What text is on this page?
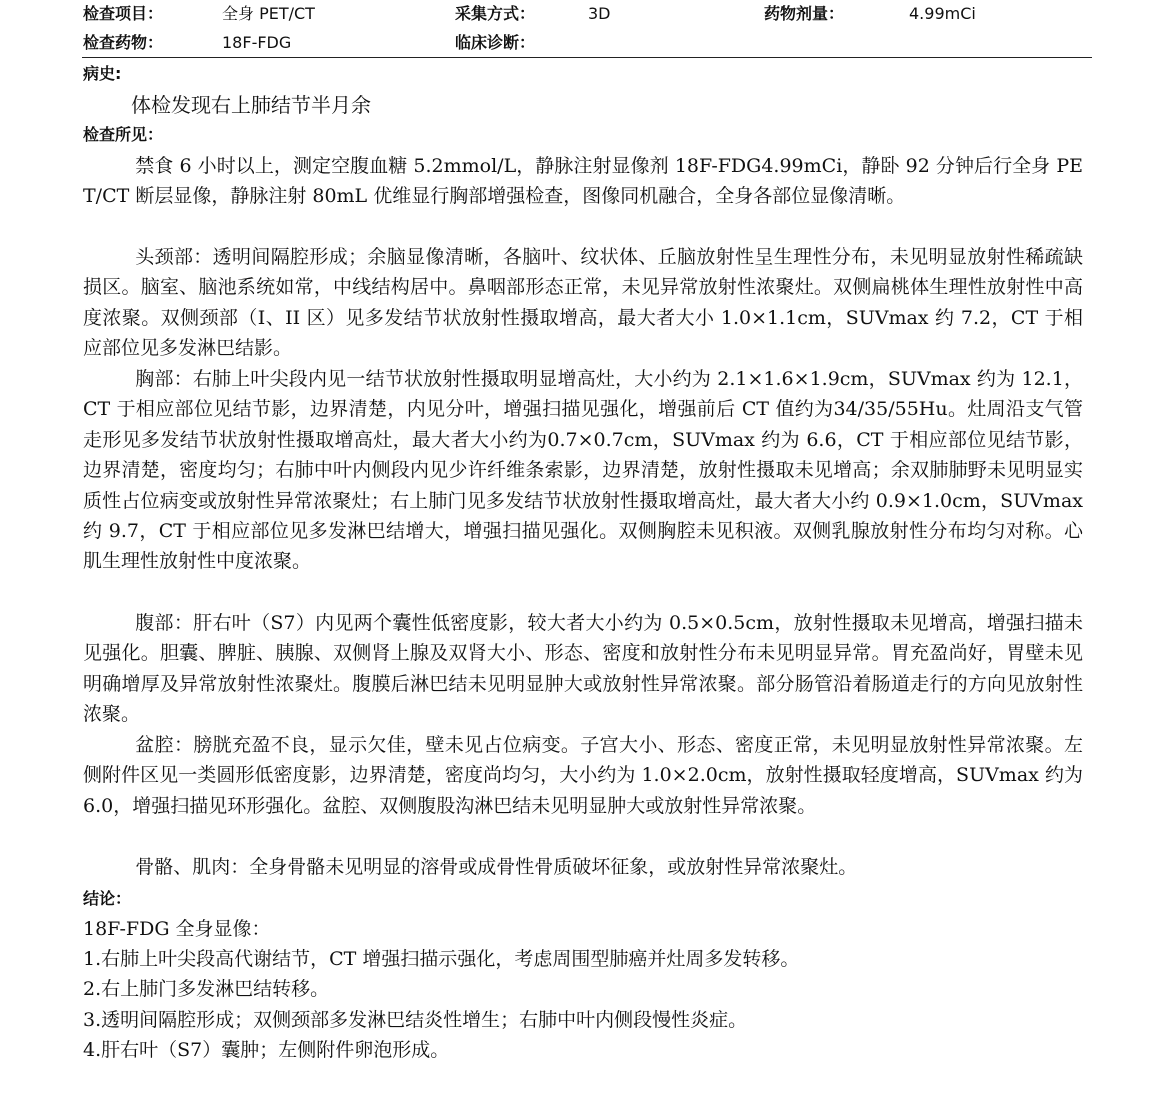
检查项目：	全身 PET/CT	采集方式：	3D	药物剂量：	4.99mCi
检查药物：	18F-FDG	临床诊断：
病史:
体检发现右上肺结节半月余
检查所见：

禁食 6 小时以上，测定空腹血糖 5.2mmol/L，静脉注射显像剂 18F-FDG4.99mCi，静卧 92 分钟后行全身 PET/CT 断层显像，静脉注射 80mL 优维显行胸部增强检查，图像同机融合，全身各部位显像清晰。

头颈部：透明间隔腔形成；余脑显像清晰，各脑叶、纹状体、丘脑放射性呈生理性分布，未见明显放射性稀疏缺损区。脑室、脑池系统如常，中线结构居中。鼻咽部形态正常，未见异常放射性浓聚灶。双侧扁桃体生理性放射性中高度浓聚。双侧颈部（I、II 区）见多发结节状放射性摄取增高，最大者大小 1.0×1.1cm，SUVmax 约 7.2，CT 于相应部位见多发淋巴结影。

胸部：右肺上叶尖段内见一结节状放射性摄取明显增高灶，大小约为 2.1×1.6×1.9cm，SUVmax 约为 12.1，CT 于相应部位见结节影，边界清楚，内见分叶，增强扫描见强化，增强前后 CT 值约为34/35/55Hu。灶周沿支气管走形见多发结节状放射性摄取增高灶，最大者大小约为0.7×0.7cm，SUVmax 约为 6.6，CT 于相应部位见结节影，边界清楚，密度均匀；右肺中叶内侧段内见少许纤维条索影，边界清楚，放射性摄取未见增高；余双肺肺野未见明显实质性占位病变或放射性异常浓聚灶；右上肺门见多发结节状放射性摄取增高灶，最大者大小约 0.9×1.0cm，SUVmax 约 9.7，CT 于相应部位见多发淋巴结增大，增强扫描见强化。双侧胸腔未见积液。双侧乳腺放射性分布均匀对称。心肌生理性放射性中度浓聚。

腹部：肝右叶（S7）内见两个囊性低密度影，较大者大小约为 0.5×0.5cm，放射性摄取未见增高，增强扫描未见强化。胆囊、脾脏、胰腺、双侧肾上腺及双肾大小、形态、密度和放射性分布未见明显异常。胃充盈尚好，胃壁未见明确增厚及异常放射性浓聚灶。腹膜后淋巴结未见明显肿大或放射性异常浓聚。部分肠管沿着肠道走行的方向见放射性浓聚。

盆腔：膀胱充盈不良，显示欠佳，壁未见占位病变。子宫大小、形态、密度正常，未见明显放射性异常浓聚。左侧附件区见一类圆形低密度影，边界清楚，密度尚均匀，大小约为 1.0×2.0cm，放射性摄取轻度增高，SUVmax 约为 6.0，增强扫描见环形强化。盆腔、双侧腹股沟淋巴结未见明显肿大或放射性异常浓聚。

骨骼、肌肉：全身骨骼未见明显的溶骨或成骨性骨质破坏征象，或放射性异常浓聚灶。

结论：
18F-FDG 全身显像：
1.右肺上叶尖段高代谢结节，CT 增强扫描示强化，考虑周围型肺癌并灶周多发转移。
2.右上肺门多发淋巴结转移。
3.透明间隔腔形成；双侧颈部多发淋巴结炎性增生；右肺中叶内侧段慢性炎症。
4.肝右叶（S7）囊肿；左侧附件卵泡形成。
